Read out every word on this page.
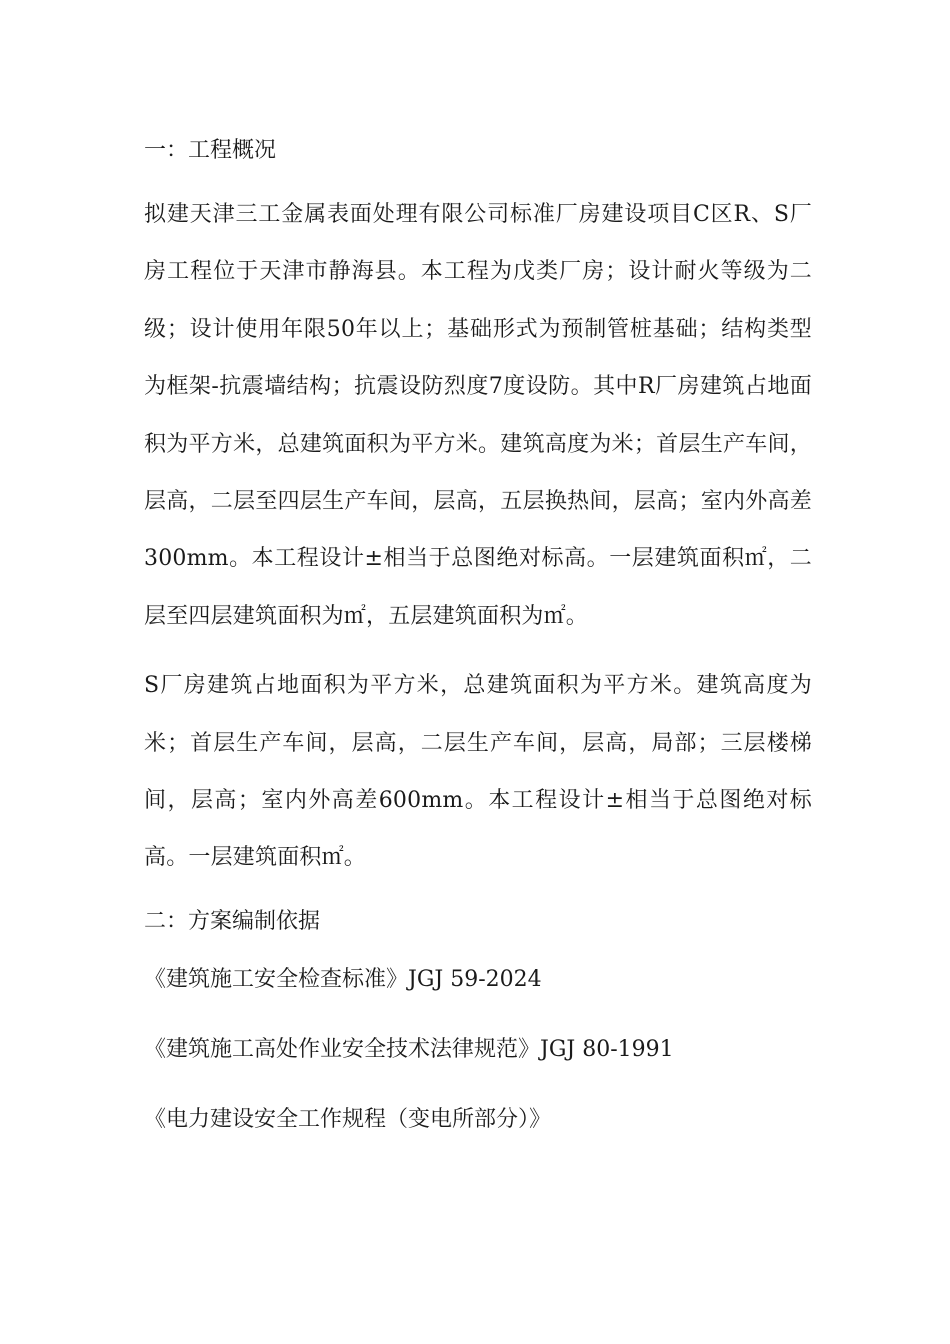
一：工程概况

拟建天津三工金属表面处理有限公司标准厂房建设项目C区R、S厂房工程位于天津市静海县。本工程为戊类厂房；设计耐火等级为二级；设计使用年限50年以上；基础形式为预制管桩基础；结构类型为框架-抗震墙结构；抗震设防烈度7度设防。其中R厂房建筑占地面积为平方米，总建筑面积为平方米。建筑高度为米；首层生产车间，层高，二层至四层生产车间，层高，五层换热间，层高；室内外高差300mm。本工程设计±相当于总图绝对标高。一层建筑面积㎡，二层至四层建筑面积为㎡，五层建筑面积为㎡。

S厂房建筑占地面积为平方米，总建筑面积为平方米。建筑高度为米；首层生产车间，层高，二层生产车间，层高，局部；三层楼梯间，层高；室内外高差600mm。本工程设计±相当于总图绝对标高。一层建筑面积㎡。

二：方案编制依据
《建筑施工安全检查标准》JGJ 59-2024
《建筑施工高处作业安全技术法律规范》JGJ 80-1991
《电力建设安全工作规程（变电所部分）》
